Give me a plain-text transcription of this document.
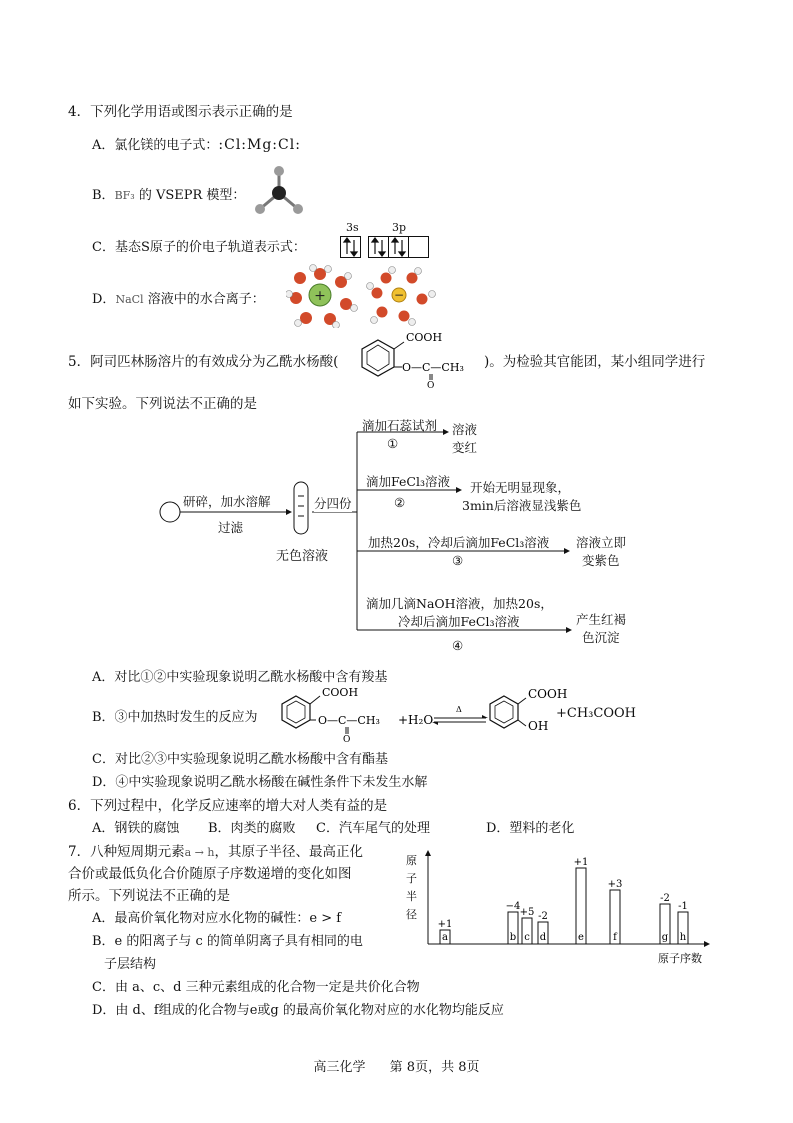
4．下列化学用语或图示表示正确的是
A．氯化镁的电子式：:Cl:Mg:Cl:
B．BF₃ 的 VSEPR 模型：
C．基态S原子的价电子轨道表示式：
3s	3p
D．NaCl 溶液中的水合离子：	+	−
5．阿司匹林肠溶片的有效成分为乙酰水杨酸(
COOH
O—C—CH₃
O
)。为检验其官能团，某小组同学进行
如下实验。下列说法不正确的是
研碎，加水溶解
过滤
无色溶液
分四份
滴加石蕊试剂
①
溶液
变红
滴加FeCl₃溶液
②
开始无明显现象，
3min后溶液显浅紫色
加热20s，冷却后滴加FeCl₃溶液
③
溶液立即
变紫色
滴加几滴NaOH溶液，加热20s，
冷却后滴加FeCl₃溶液
④
产生红褐
色沉淀
A．对比①②中实验现象说明乙酰水杨酸中含有羧基
B．③中加热时发生的反应为
COOH
O—C—CH₃
O
+H₂O
Δ
COOH
OH
+CH₃COOH
C．对比②③中实验现象说明乙酰水杨酸中含有酯基
D．④中实验现象说明乙酰水杨酸在碱性条件下未发生水解
6．下列过程中，化学反应速率的增大对人类有益的是
A．钢铁的腐蚀 B．肉类的腐败 C．汽车尾气的处理	D．塑料的老化
7．八种短周期元素a → h，其原子半径、最高正化
合价或最低负化合价随原子序数递增的变化如图
所示。下列说法不正确的是
A．最高价氧化物对应水化物的碱性：e > f
B．e 的阳离子与 c 的简单阴离子具有相同的电
子层结构
C．由 a、c、d 三种元素组成的化合物一定是共价化合物
D．由 d、f组成的化合物与e或g 的最高价氧化物对应的水化物均能反应
原
子
半
径
原子序数
a
+1
b
−4
c
+5
d
-2
e
+1
f
+3
g
-2
h
-1
高三化学 第 8页，共 8页
